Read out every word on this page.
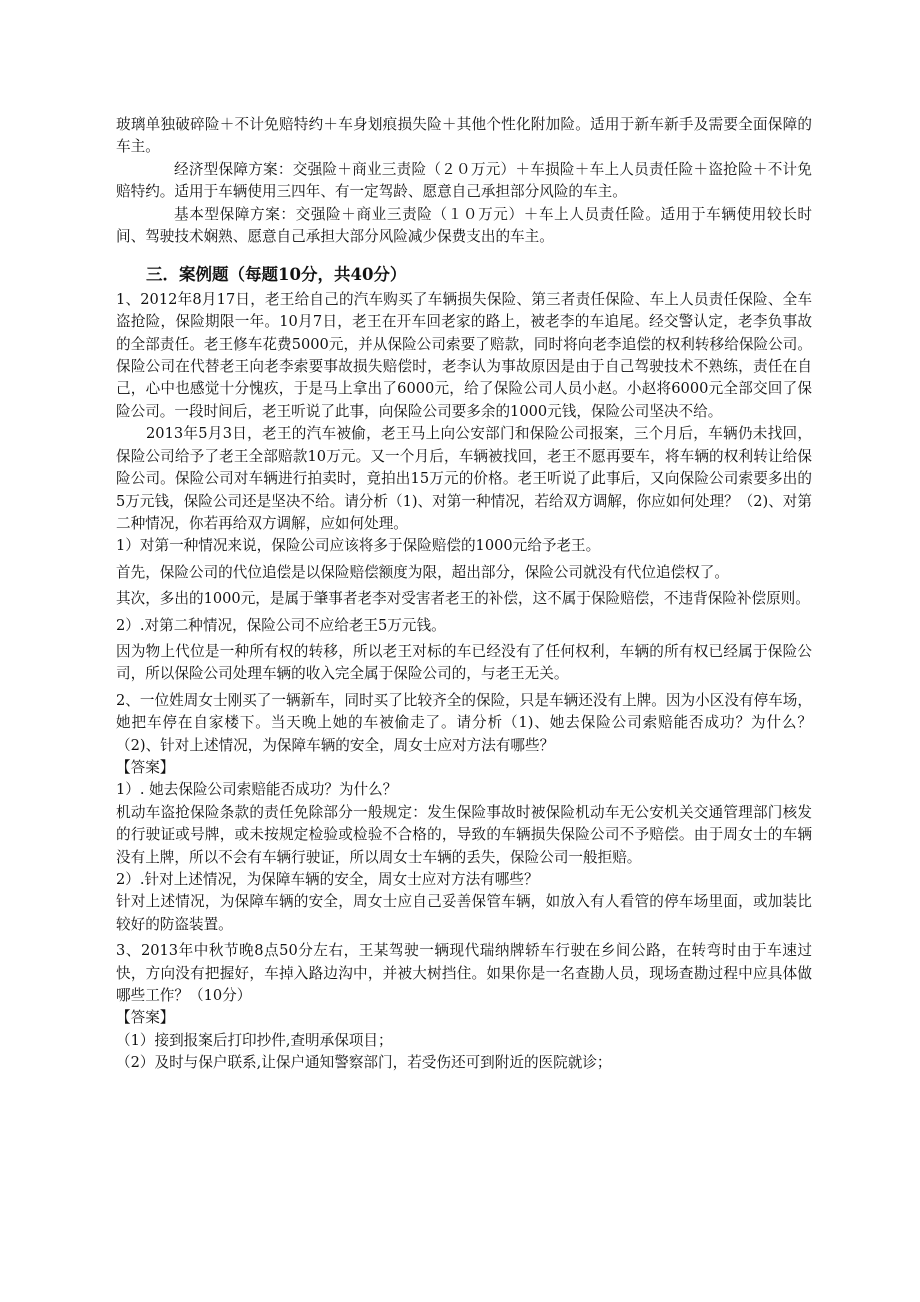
玻璃单独破碎险＋不计免赔特约＋车身划痕损失险＋其他个性化附加险。适用于新车新手及需要全面保障的车主。

经济型保障方案：交强险＋商业三责险（２０万元）＋车损险＋车上人员责任险＋盗抢险＋不计免赔特约。适用于车辆使用三四年、有一定驾龄、愿意自己承担部分风险的车主。

基本型保障方案：交强险＋商业三责险（１０万元）＋车上人员责任险。适用于车辆使用较长时间、驾驶技术娴熟、愿意自己承担大部分风险减少保费支出的车主。

三．案例题（每题10分，共40分）

1、2012年8月17日，老王给自己的汽车购买了车辆损失保险、第三者责任保险、车上人员责任保险、全车盗抢险，保险期限一年。10月7日，老王在开车回老家的路上，被老李的车追尾。经交警认定，老李负事故的全部责任。老王修车花费5000元，并从保险公司索要了赔款，同时将向老李追偿的权利转移给保险公司。保险公司在代替老王向老李索要事故损失赔偿时，老李认为事故原因是由于自己驾驶技术不熟练，责任在自己，心中也感觉十分愧疚，于是马上拿出了6000元，给了保险公司人员小赵。小赵将6000元全部交回了保险公司。一段时间后，老王听说了此事，向保险公司要多余的1000元钱，保险公司坚决不给。

2013年5月3日，老王的汽车被偷，老王马上向公安部门和保险公司报案，三个月后，车辆仍未找回，保险公司给予了老王全部赔款10万元。又一个月后，车辆被找回，老王不愿再要车，将车辆的权利转让给保险公司。保险公司对车辆进行拍卖时，竟拍出15万元的价格。老王听说了此事后，又向保险公司索要多出的5万元钱，保险公司还是坚决不给。请分析（1)、对第一种情况，若给双方调解，你应如何处理？（2)、对第二种情况，你若再给双方调解，应如何处理。

1）对第一种情况来说，保险公司应该将多于保险赔偿的1000元给予老王。

首先，保险公司的代位追偿是以保险赔偿额度为限，超出部分，保险公司就没有代位追偿权了。

其次，多出的1000元，是属于肇事者老李对受害者老王的补偿，这不属于保险赔偿，不违背保险补偿原则。

2）.对第二种情况，保险公司不应给老王5万元钱。

因为物上代位是一种所有权的转移，所以老王对标的车已经没有了任何权利，车辆的所有权已经属于保险公司，所以保险公司处理车辆的收入完全属于保险公司的，与老王无关。

2、一位姓周女士刚买了一辆新车，同时买了比较齐全的保险，只是车辆还没有上牌。因为小区没有停车场，她把车停在自家楼下。当天晚上她的车被偷走了。请分析（1)、她去保险公司索赔能否成功？为什么？（2)、针对上述情况，为保障车辆的安全，周女士应对方法有哪些？

【答案】

1）. 她去保险公司索赔能否成功？为什么？

机动车盗抢保险条款的责任免除部分一般规定：发生保险事故时被保险机动车无公安机关交通管理部门核发的行驶证或号牌，或未按规定检验或检验不合格的，导致的车辆损失保险公司不予赔偿。由于周女士的车辆没有上牌，所以不会有车辆行驶证，所以周女士车辆的丢失，保险公司一般拒赔。

2）.针对上述情况，为保障车辆的安全，周女士应对方法有哪些？

针对上述情况，为保障车辆的安全，周女士应自己妥善保管车辆，如放入有人看管的停车场里面，或加装比较好的防盗装置。

3、2013年中秋节晚8点50分左右，王某驾驶一辆现代瑞纳牌轿车行驶在乡间公路，在转弯时由于车速过快，方向没有把握好，车掉入路边沟中，并被大树挡住。如果你是一名查勘人员，现场查勘过程中应具体做哪些工作？（10分）

【答案】

（1）接到报案后打印抄件,查明承保项目；

（2）及时与保户联系,让保户通知警察部门，若受伤还可到附近的医院就诊；
